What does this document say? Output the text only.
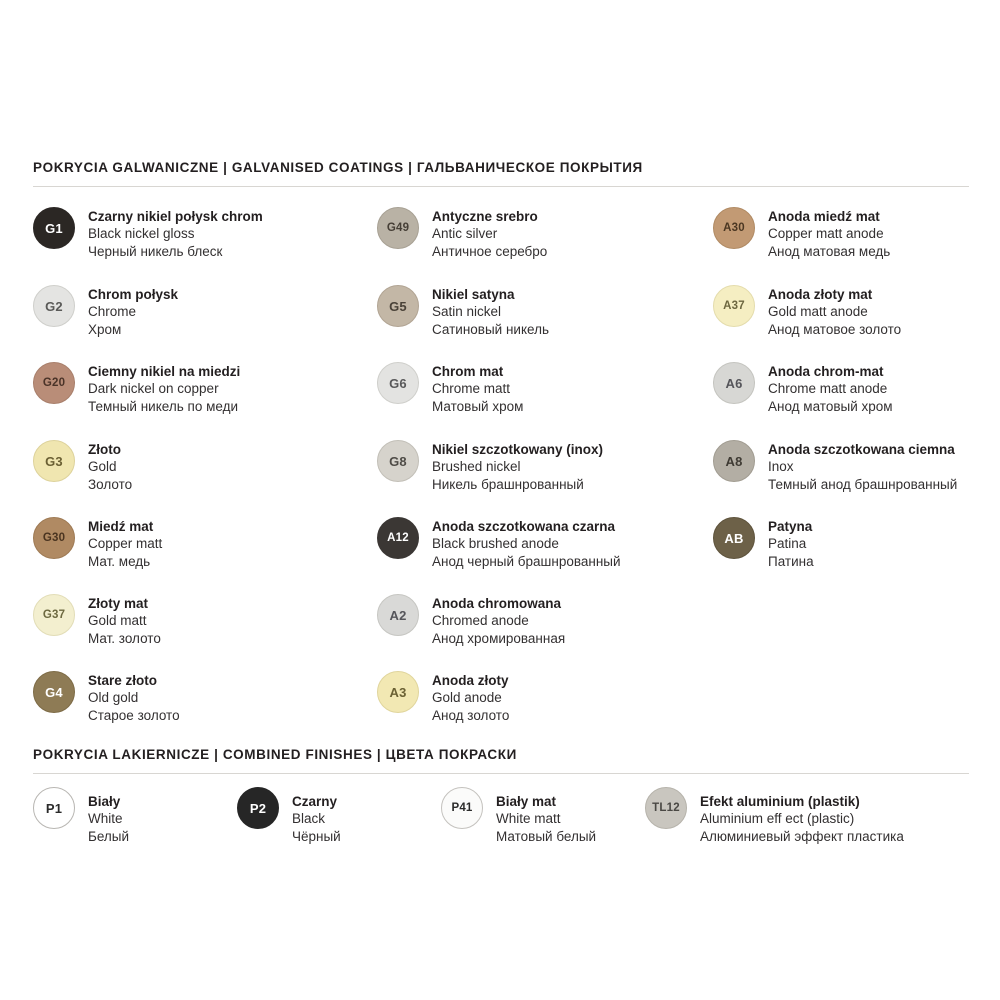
POKRYCIA GALWANICZNE | GALVANISED COATINGS | ГАЛЬВАНИЧЕСКОЕ ПОКРЫТИЯ
G1
Czarny nikiel połysk chrom
Black nickel gloss
Черный никель блеск
G2
Chrom połysk
Chrome
Хром
G20
Ciemny nikiel na miedzi
Dark nickel on copper
Темный никель по меди
G3
Złoto
Gold
Золото
G30
Miedź mat
Copper matt
Мат. медь
G37
Złoty mat
Gold matt
Мат. золото
G4
Stare złoto
Old gold
Старое золото
G49
Antyczne srebro
Antic silver
Античное серебро
G5
Nikiel satyna
Satin nickel
Сатиновый никель
G6
Chrom mat
Chrome matt
Матовый хром
G8
Nikiel szczotkowany (inox)
Brushed nickel
Никель брашнрованный
A12
Anoda szczotkowana czarna
Black brushed anode
Анод черный брашнрованный
A2
Anoda chromowana
Chromed anode
Анод хромированная
A3
Anoda złoty
Gold anode
Анод золото
A30
Anoda miedź mat
Copper matt anode
Анод матовая медь
A37
Anoda złoty mat
Gold matt anode
Анод матовое золото
A6
Anoda chrom-mat
Chrome matt anode
Анод матовый хром
A8
Anoda szczotkowana ciemna
Inox
Темный анод брашнрованный
AB
Patyna
Patina
Патина
POKRYCIA LAKIERNICZE | COMBINED FINISHES | ЦВЕТА ПОКРАСКИ
P1 Biały
White
Белый
P2 Czarny
Black
Чёрный
P41 Biały mat
White matt
Матовый белый
TL12 Efekt aluminium (plastik)
Aluminium eff ect (plastic)
Алюминиевый эффект пластика
